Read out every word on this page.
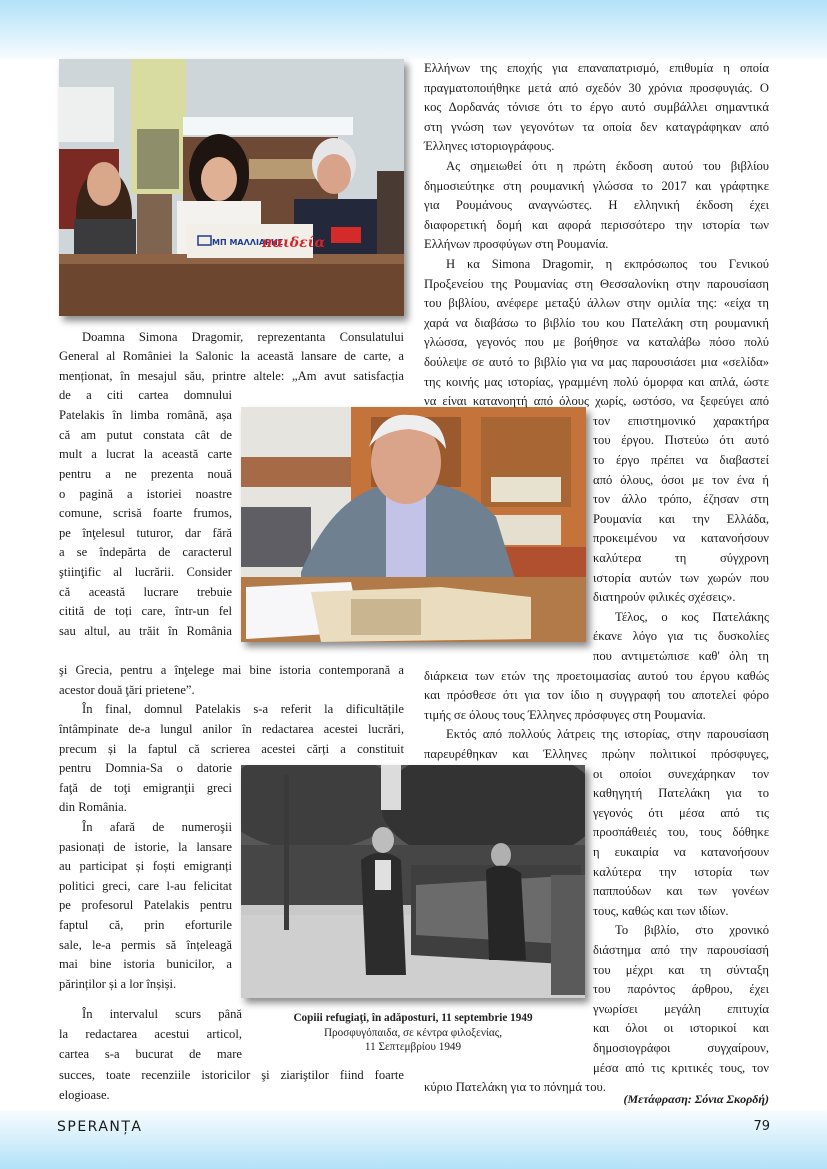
ΜΠ ΜΑΛΛΙΑΡΗΣ
παιδεία
Copiii refugiaţi, în adăposturi, 11 septembrie 1949
Προσφυγόπαιδα, σε κέντρα φιλοξενίας,
11 Σεπτεμβρίου 1949
Doamna Simona Dragomir, reprezentanta Consulatului
General al României la Salonic la această lansare de carte, a
menționat, în mesajul său, printre altele: „Am avut satisfacția
de a citi cartea domnului
Patelakis în limba română, așa
că am putut constata cât de
mult a lucrat la această carte
pentru a ne prezenta nouă
o pagină a istoriei noastre
comune, scrisă foarte frumos,
pe înţelesul tuturor, dar fără
a se îndepărta de caracterul
ştiinţific al lucrării. Consider
că această lucrare trebuie
citită de toți care, într-un fel
sau altul, au trăit în România
şi Grecia, pentru a înţelege mai bine istoria contemporană a
acestor două ţări prietene”.
În final, domnul Patelakis s-a referit la dificultățile
întâmpinate de-a lungul anilor în redactarea acestei lucrări,
precum și la faptul că scrierea acestei cărți a constituit
pentru Domnia-Sa o datorie
faţă de toţi emigranţii greci
din România.
În afară de numeroşii
pasionați de istorie, la lansare
au participat și foști emigranți
politici greci, care l-au felicitat
pe profesorul Patelakis pentru
faptul că, prin eforturile
sale, le-a permis să înțeleagă
mai bine istoria bunicilor, a
părinților și a lor înșiși.
În intervalul scurs până
la redactarea acestui articol,
cartea s-a bucurat de mare
succes, toate recenziile istoricilor şi ziariştilor fiind foarte
elogioase.
Ελλήνων της εποχής για επαναπατρισμό, επιθυμία η οποία
πραγματοποιήθηκε μετά από σχεδόν 30 χρόνια προσφυγιάς. Ο
κος Δορδανάς τόνισε ότι το έργο αυτό συμβάλλει σημαντικά
στη γνώση των γεγονότων τα οποία δεν καταγράφηκαν από
Έλληνες ιστοριογράφους.
Ας σημειωθεί ότι η πρώτη έκδοση αυτού του βιβλίου
δημοσιεύτηκε στη ρουμανική γλώσσα το 2017 και γράφτηκε
για Ρουμάνους αναγνώστες. Η ελληνική έκδοση έχει
διαφορετική δομή και αφορά περισσότερο την ιστορία των
Ελλήνων προσφύγων στη Ρουμανία.
Η κα Simona Dragomir, η εκπρόσωπος του Γενικού
Προξενείου της Ρουμανίας στη Θεσσαλονίκη στην παρουσίαση
του βιβλίου, ανέφερε μεταξύ άλλων στην ομιλία της: «είχα τη
χαρά να διαβάσω το βιβλίο του κου Πατελάκη στη ρουμανική
γλώσσα, γεγονός που με βοήθησε να καταλάβω πόσο πολύ
δούλεψε σε αυτό το βιβλίο για να μας παρουσιάσει μια «σελίδα»
της κοινής μας ιστορίας, γραμμένη πολύ όμορφα και απλά, ώστε
να είναι κατανοητή από όλους χωρίς, ωστόσο, να ξεφεύγει από
τον επιστημονικό χαρακτήρα
του έργου. Πιστεύω ότι αυτό
το έργο πρέπει να διαβαστεί
από όλους, όσοι με τον ένα ή
τον άλλο τρόπο, έζησαν στη
Ρουμανία και την Ελλάδα,
προκειμένου να κατανοήσουν
καλύτερα τη σύγχρονη
ιστορία αυτών των χωρών που
διατηρούν φιλικές σχέσεις».
Τέλος, ο κος Πατελάκης
έκανε λόγο για τις δυσκολίες
που αντιμετώπισε καθ' όλη τη
διάρκεια των ετών της προετοιμασίας αυτού του έργου καθώς
και πρόσθεσε ότι για τον ίδιο η συγγραφή του αποτελεί φόρο
τιμής σε όλους τους Έλληνες πρόσφυγες στη Ρουμανία.
Εκτός από πολλούς λάτρεις της ιστορίας, στην παρουσίαση
παρευρέθηκαν και Έλληνες πρώην πολιτικοί πρόσφυγες,
οι οποίοι συνεχάρηκαν τον
καθηγητή Πατελάκη για το
γεγονός ότι μέσα από τις
προσπάθειές του, τους δόθηκε
η ευκαιρία να κατανοήσουν
καλύτερα την ιστορία των
παππούδων και των γονέων
τους, καθώς και των ιδίων.
Το βιβλίο, στο χρονικό
διάστημα από την παρουσίασή
του μέχρι και τη σύνταξη
του παρόντος άρθρου, έχει
γνωρίσει μεγάλη επιτυχία
και όλοι οι ιστορικοί και
δημοσιογράφοι συγχαίρουν,
μέσα από τις κριτικές τους, τον
κύριο Πατελάκη για το πόνημά του.
(Μετάφραση: Σόνια Σκορδή)
SPERANȚA	79
